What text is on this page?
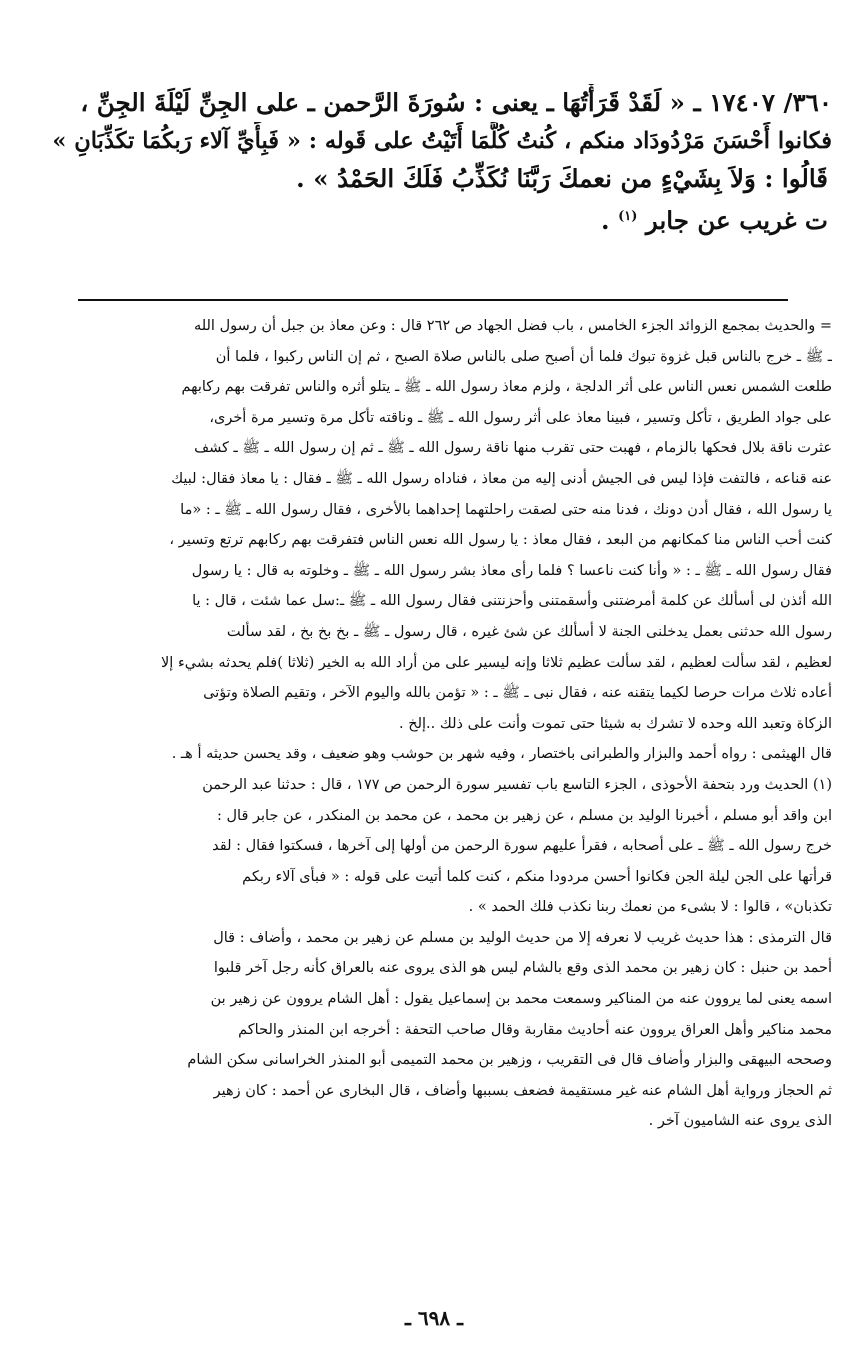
٣٦٠/ ١٧٤٠٧ ـ « لَقَدْ قَرَأْتُهَا ـ يعنى : سُورَةَ الرَّحمن ـ على الجِنِّ لَيْلَةَ الجِنِّ ،
فكانوا أَحْسَنَ مَرْدُودَاد منكم ، كُنتُ كُلَّمَا أَتَيْتُ على قَوله : « فَبِأَيِّ آلاء رَبكُمَا تكَذِّبَانِ »
قَالُوا : وَلاَ بِشَيْءٍ من نعمكَ رَبَّنَا نُكَذِّبُ فَلَكَ الحَمْدُ » .
ت غريب عن جابر $^{(١)}$ .
= والحديث بمجمع الزوائد الجزء الخامس ، باب فضل الجهاد ص ٢٦٢ قال : وعن معاذ بن جبل أن رسول الله
ـ ﷺ ـ خرج بالناس قبل غزوة تبوك فلما أن أصبح صلى بالناس صلاة الصبح ، ثم إن الناس ركبوا ، فلما أن
طلعت الشمس نعس الناس على أثر الدلجة ، ولزم معاذ رسول الله ـ ﷺ ـ يتلو أثره والناس تفرقت بهم ركابهم
على جواد الطريق ، تأكل وتسير ، فبينا معاذ على أثر رسول الله ـ ﷺ ـ وناقته تأكل مرة وتسير مرة أخرى،
عثرت ناقة بلال فحكها بالزمام ، فهبت حتى تقرب منها ناقة رسول الله ـ ﷺ ـ ثم إن رسول الله ـ ﷺ ـ كشف
عنه قناعه ، فالتفت فإذا ليس فى الجيش أدنى إليه من معاذ ، فناداه رسول الله ـ ﷺ ـ فقال : يا معاذ فقال: لبيك
يا رسول الله ، فقال أدن دونك ، فدنا منه حتى لصقت راحلتهما إحداهما بالأخرى ، فقال رسول الله ـ ﷺ ـ : «ما
كنت أحب الناس منا كمكانهم من البعد ، فقال معاذ : يا رسول الله نعس الناس فتفرقت بهم ركابهم ترتع وتسير ،
فقال رسول الله ـ ﷺ ـ : « وأنا كنت ناعسا ؟ فلما رأى معاذ بشر رسول الله ـ ﷺ ـ وخلوته به قال : يا رسول
الله أئذن لى أسألك عن كلمة أمرضتنى وأسقمتنى وأحزنتنى فقال رسول الله ـ ﷺ ـ:سل عما شئت ، قال : يا
رسول الله حدثنى بعمل يدخلنى الجنة لا أسألك عن شئ غيره ، قال رسول ـ ﷺ ـ بخ بخ بخ ، لقد سألت
لعظيم ، لقد سألت لعظيم ، لقد سألت عظيم ثلاثا وإنه ليسير على من أراد الله به الخير (ثلاثا )فلم يحدثه بشيء إلا
أعاده ثلاث مرات حرصا لكيما يتقنه عنه ، فقال نبى ـ ﷺ ـ : « تؤمن بالله واليوم الآخر ، وتقيم الصلاة وتؤتى
الزكاة وتعبد الله وحده لا تشرك به شيئا حتى تموت وأنت على ذلك ..إلخ .
قال الهيثمى : رواه أحمد والبزار والطبرانى باختصار ، وفيه شهر بن حوشب وهو ضعيف ، وقد يحسن حديثه أ هـ .
(١) الحديث ورد بتحفة الأحوذى ، الجزء التاسع باب تفسير سورة الرحمن ص ١٧٧ ، قال : حدثنا عبد الرحمن
ابن واقد أبو مسلم ، أخبرنا الوليد بن مسلم ، عن زهير بن محمد ، عن محمد بن المنكدر ، عن جابر قال :
خرج رسول الله ـ ﷺ ـ على أصحابه ، فقرأ عليهم سورة الرحمن من أولها إلى آخرها ، فسكتوا فقال : لقد
قرأتها على الجن ليلة الجن فكانوا أحسن مردودا منكم ، كنت كلما أتيت على قوله : « فبأى آلاء ربكم
تكذبان» ، قالوا : لا بشىء من نعمك ربنا نكذب فلك الحمد » .
قال الترمذى : هذا حديث غريب لا نعرفه إلا من حديث الوليد بن مسلم عن زهير بن محمد ، وأضاف : قال
أحمد بن حنبل : كان زهير بن محمد الذى وقع بالشام ليس هو الذى يروى عنه بالعراق كأنه رجل آخر قلبوا
اسمه يعنى لما يروون عنه من المناكير وسمعت محمد بن إسماعيل يقول : أهل الشام يروون عن زهير بن
محمد مناكير وأهل العراق يروون عنه أحاديث مقاربة وقال صاحب التحفة : أخرجه ابن المنذر والحاكم
وصححه البيهقى والبزار وأضاف قال فى التقريب ، وزهير بن محمد التميمى أبو المنذر الخراسانى سكن الشام
ثم الحجاز ورواية أهل الشام عنه غير مستقيمة فضعف بسببها وأضاف ، قال البخارى عن أحمد : كان زهير
الذى يروى عنه الشاميون آخر .
ـ ٦٩٨ ـ
